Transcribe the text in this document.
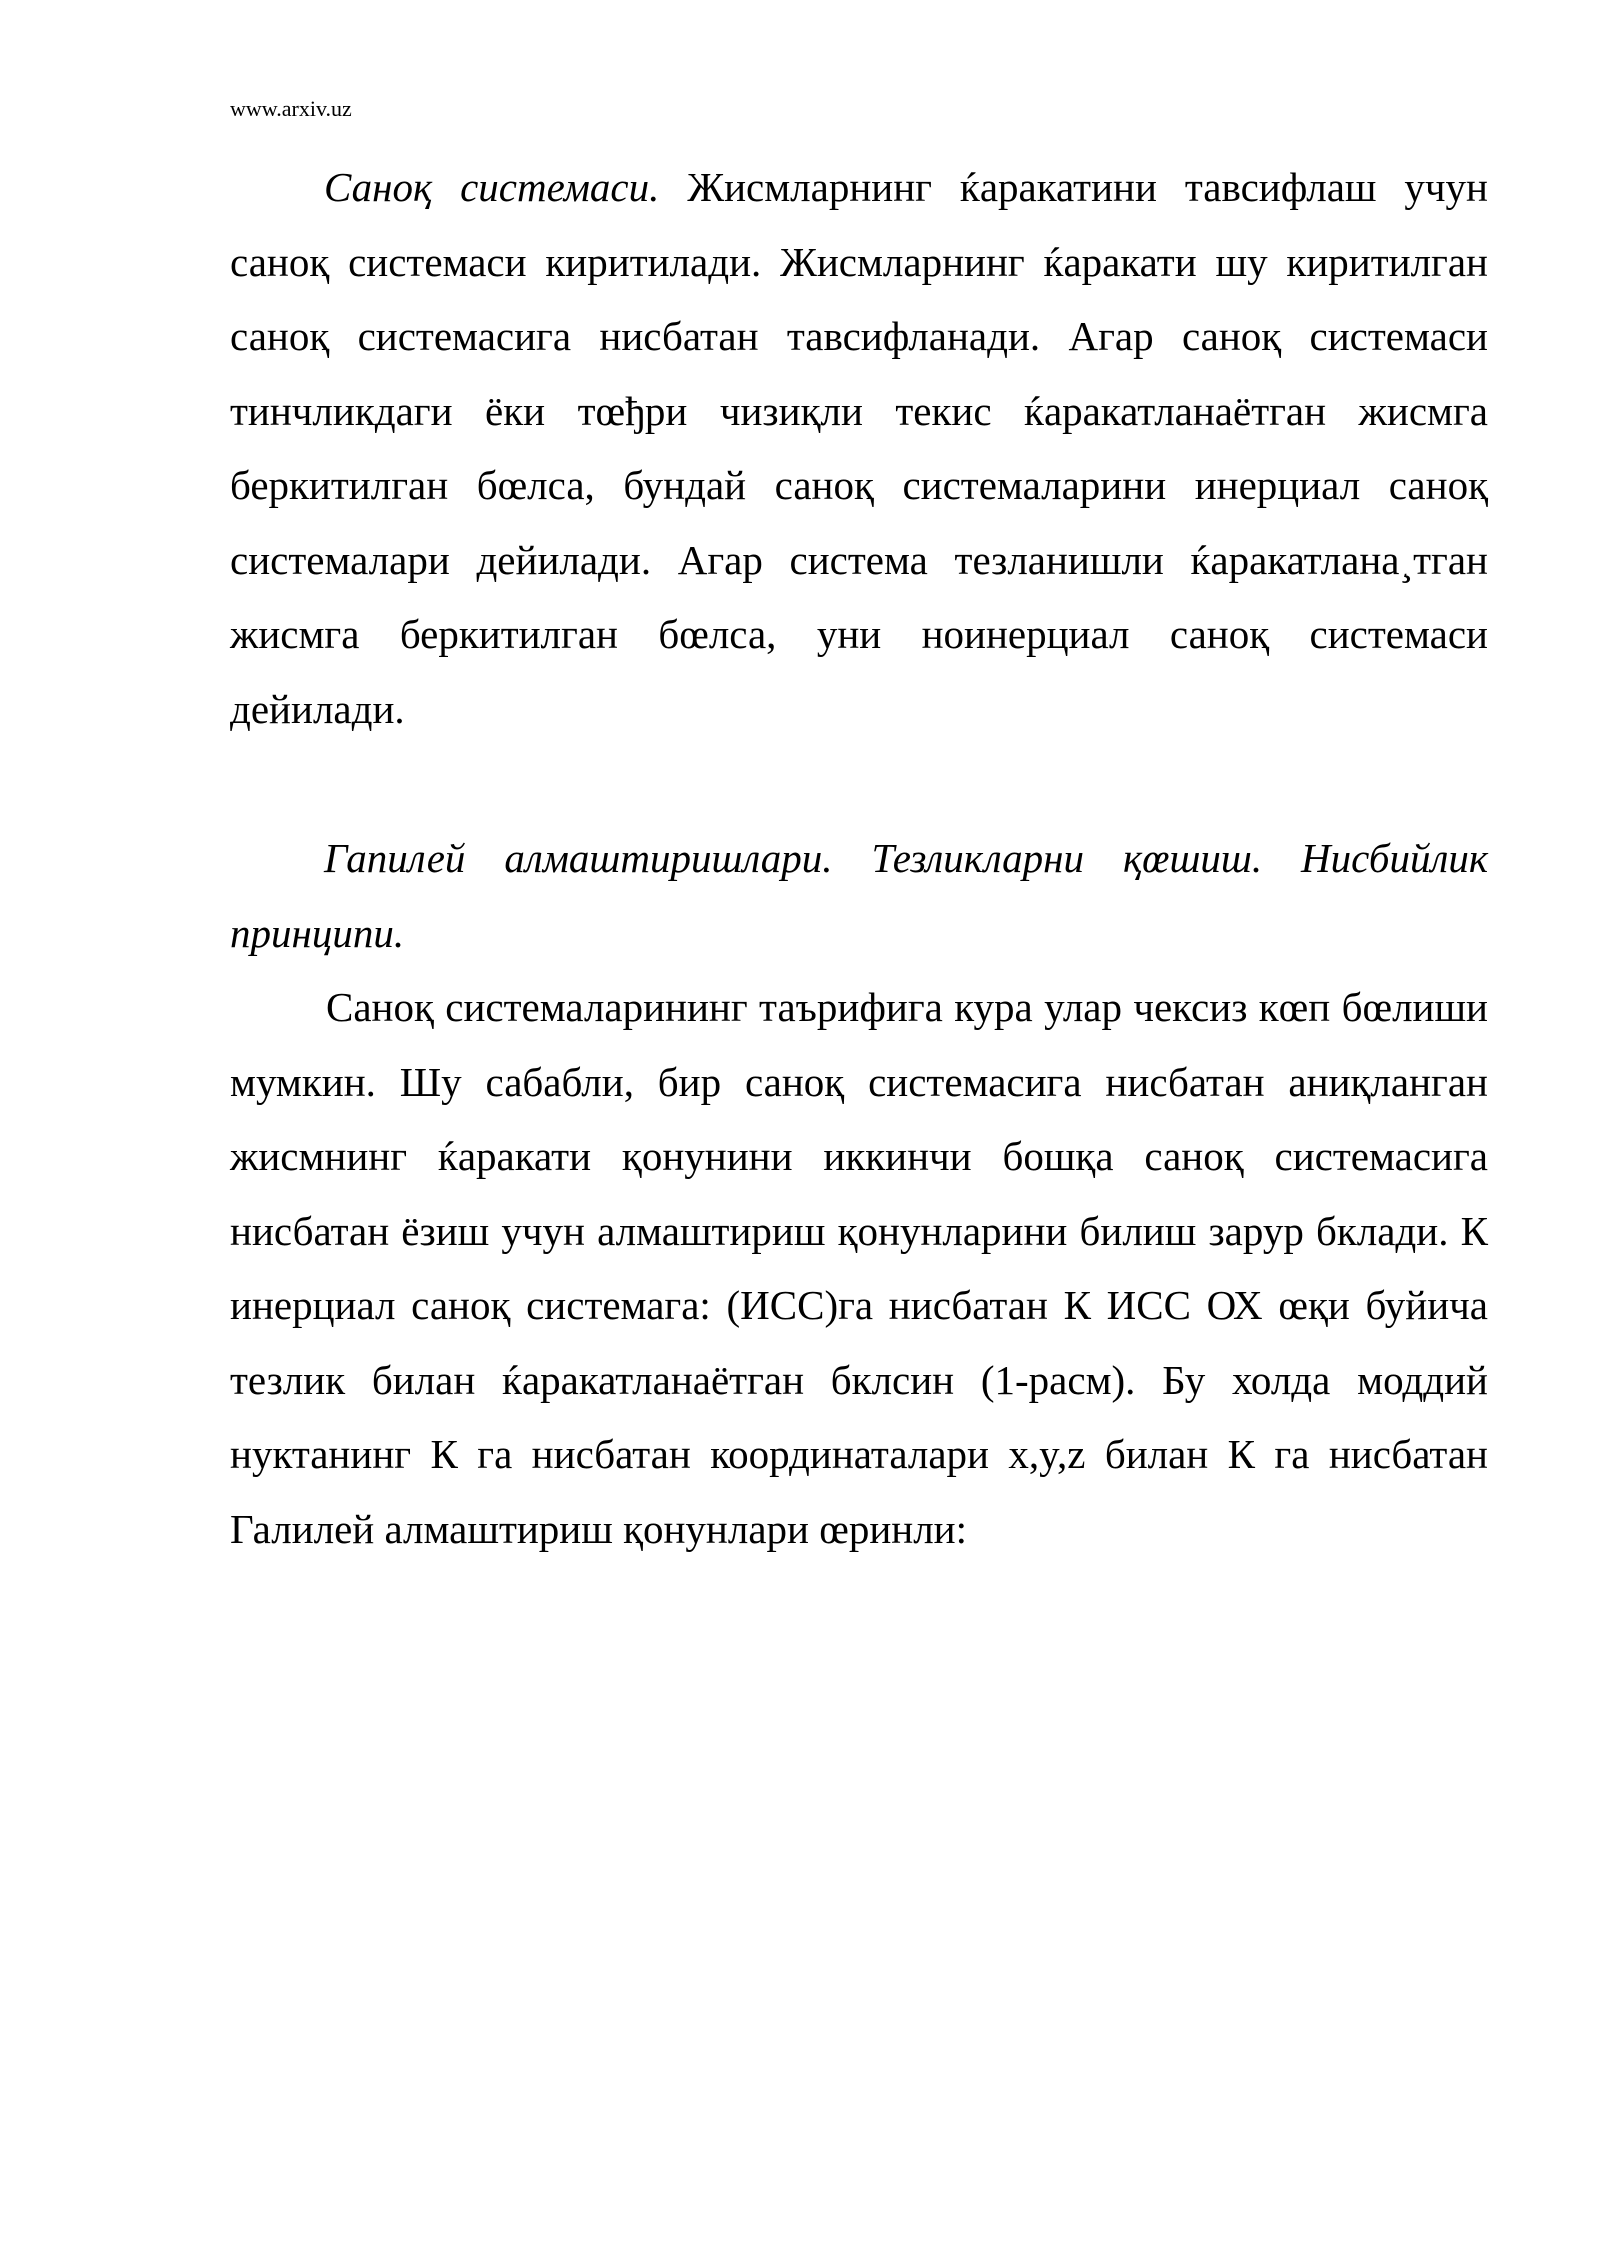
www.arxiv.uz

Саноқ системаси. Жисмларнинг ќаракатини тавсифлаш учун саноқ системаси киритилади. Жисмларнинг ќаракати шу киритилган саноқ системасига нисбатан тавсифланади. Агар саноқ системаси тинчликдаги ёки тœђри чизиқли текис ќаракатланаётган жисмга беркитилган бœлса, бундай саноқ системаларини инерциал саноқ системалари дейилади. Агар система тезланишли ќаракатлана¸тган жисмга беркитилган бœлса, уни ноинерциал саноқ системаси дейилади.

Гапилей алмаштиришлари. Тезликларни қœшиш. Нисбийлик принципи.

Саноқ системаларининг таърифига кура улар чексиз кœп бœлиши мумкин. Шу сабабли, бир саноқ системасига нисбатан аниқланган жисмнинг ќаракати қонунини иккинчи бошқа саноқ системасига нисбатан ёзиш учун алмаштириш қонунларини билиш зарур бклади. К инерциал саноқ системага: (ИСС)га нисбатан К ИСС ОХ œқи буйича тезлик билан ќаракатланаётган бклсин (1-расм). Бу холда моддий нуктанинг К га нисбатан координаталари x,y,z билан К га нисбатан Галилей алмаштириш қонунлари œринли:
